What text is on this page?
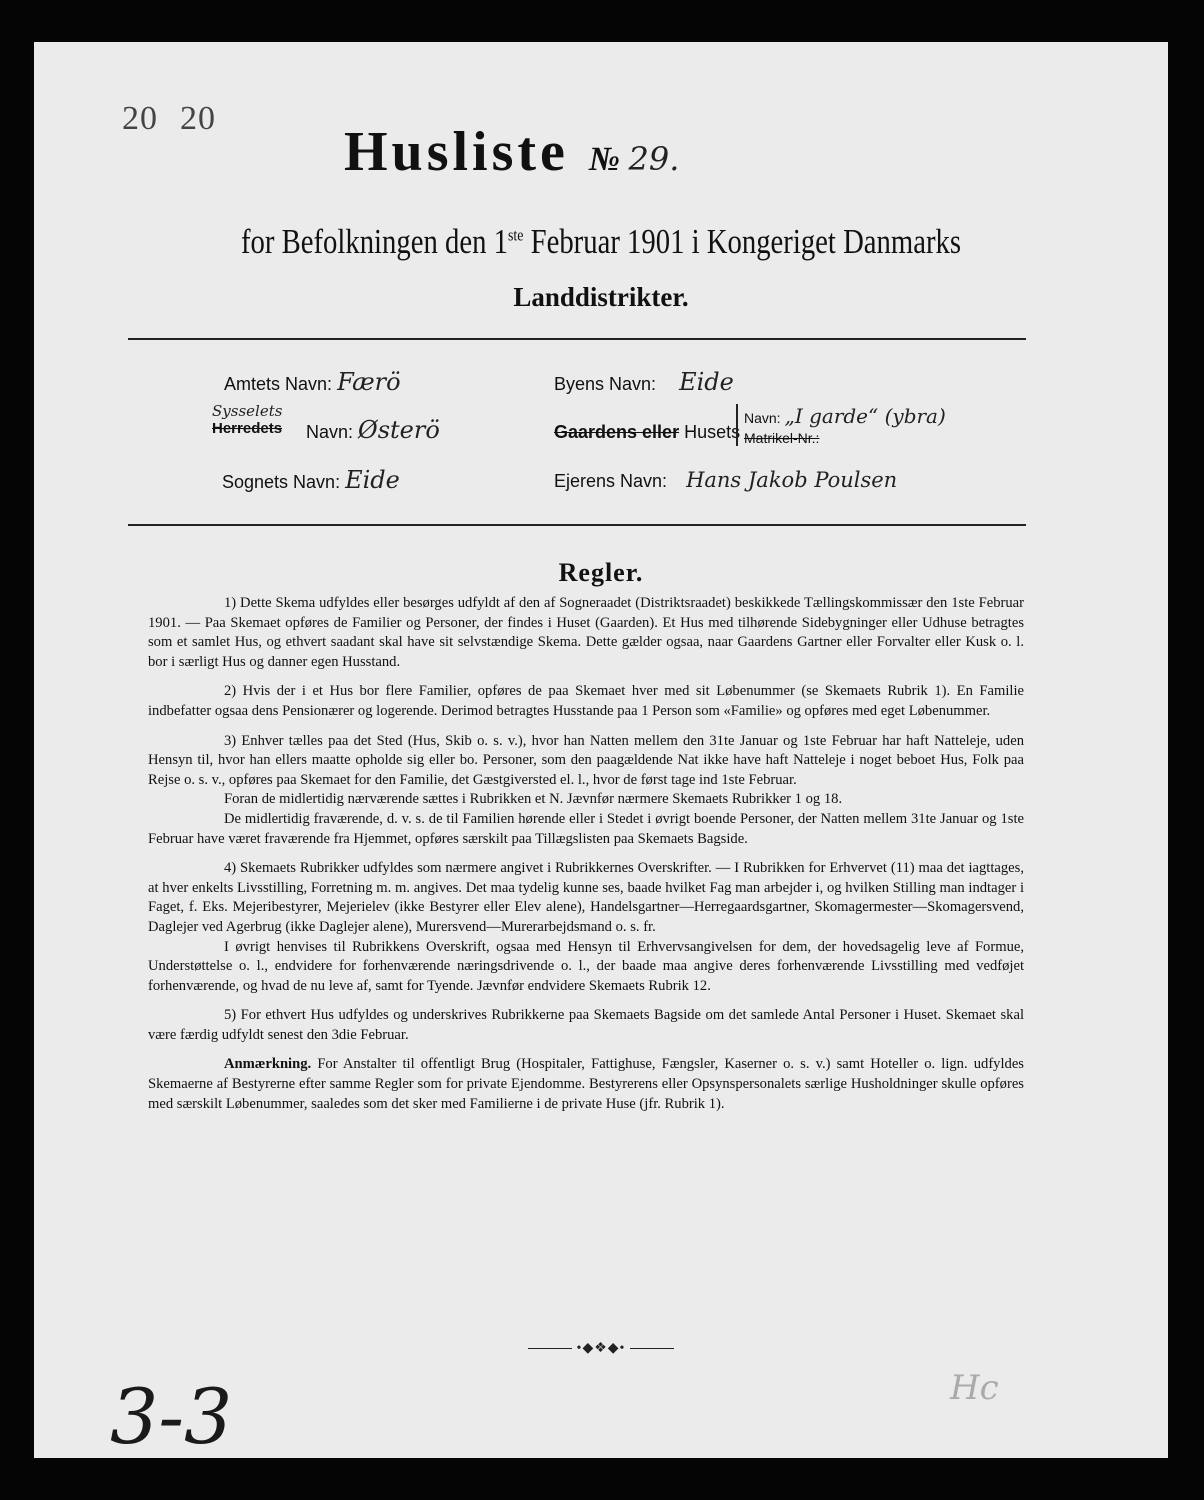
20 20
Husliste № 29.
for Befolkningen den 1ste Februar 1901 i Kongeriget Danmarks
Landdistrikter.
Amtets Navn: Færö
Sysselets
Herredets Navn: Østerö
Sognets Navn: Eide
Byens Navn: Eide
Gaardens eller Husets
Navn: „I garde“ (ybra)
Matrikel-Nr.:
Ejerens Navn: Hans Jakob Poulsen
Regler.

1) Dette Skema udfyldes eller besørges udfyldt af den af Sogneraadet (Distriktsraadet) beskikkede Tællingskommissær den 1ste Februar 1901. — Paa Skemaet opføres de Familier og Personer, der findes i Huset (Gaarden). Et Hus med tilhørende Sidebygninger eller Udhuse betragtes som et samlet Hus, og ethvert saadant skal have sit selvstændige Skema. Dette gælder ogsaa, naar Gaardens Gartner eller Forvalter eller Kusk o. l. bor i særligt Hus og danner egen Husstand.

2) Hvis der i et Hus bor flere Familier, opføres de paa Skemaet hver med sit Løbenummer (se Skemaets Rubrik 1). En Familie indbefatter ogsaa dens Pensionærer og logerende. Derimod betragtes Husstande paa 1 Person som «Familie» og opføres med eget Løbenummer.

3) Enhver tælles paa det Sted (Hus, Skib o. s. v.), hvor han Natten mellem den 31te Januar og 1ste Februar har haft Natteleje, uden Hensyn til, hvor han ellers maatte opholde sig eller bo. Personer, som den paagældende Nat ikke have haft Natteleje i noget beboet Hus, Folk paa Rejse o. s. v., opføres paa Skemaet for den Familie, det Gæstgiversted el. l., hvor de først tage ind 1ste Februar.

Foran de midlertidig nærværende sættes i Rubrikken et N. Jævnfør nærmere Skemaets Rubrikker 1 og 18.

De midlertidig fraværende, d. v. s. de til Familien hørende eller i Stedet i øvrigt boende Personer, der Natten mellem 31te Januar og 1ste Februar have været fraværende fra Hjemmet, opføres særskilt paa Tillægslisten paa Skemaets Bagside.

4) Skemaets Rubrikker udfyldes som nærmere angivet i Rubrikkernes Overskrifter. — I Rubrikken for Erhvervet (11) maa det iagttages, at hver enkelts Livsstilling, Forretning m. m. angives. Det maa tydelig kunne ses, baade hvilket Fag man arbejder i, og hvilken Stilling man indtager i Faget, f. Eks. Mejeribestyrer, Mejerielev (ikke Bestyrer eller Elev alene), Handelsgartner—Herregaardsgartner, Skomagermester—Skomagersvend, Daglejer ved Agerbrug (ikke Daglejer alene), Murersvend—Murerarbejdsmand o. s. fr.

I øvrigt henvises til Rubrikkens Overskrift, ogsaa med Hensyn til Erhvervsangivelsen for dem, der hovedsagelig leve af Formue, Understøttelse o. l., endvidere for forhenværende næringsdrivende o. l., der baade maa angive deres forhenværende Livsstilling med vedføjet forhenværende, og hvad de nu leve af, samt for Tyende. Jævnfør endvidere Skemaets Rubrik 12.

5) For ethvert Hus udfyldes og underskrives Rubrikkerne paa Skemaets Bagside om det samlede Antal Personer i Huset. Skemaet skal være færdig udfyldt senest den 3die Februar.

Anmærkning. For Anstalter til offentligt Brug (Hospitaler, Fattighuse, Fængsler, Kaserner o. s. v.) samt Hoteller o. lign. udfyldes Skemaerne af Bestyrerne efter samme Regler som for private Ejendomme. Bestyrerens eller Opsynspersonalets særlige Husholdninger skulle opføres med særskilt Løbenummer, saaledes som det sker med Familierne i de private Huse (jfr. Rubrik 1).

•◆❖◆•
3-3	Hc
